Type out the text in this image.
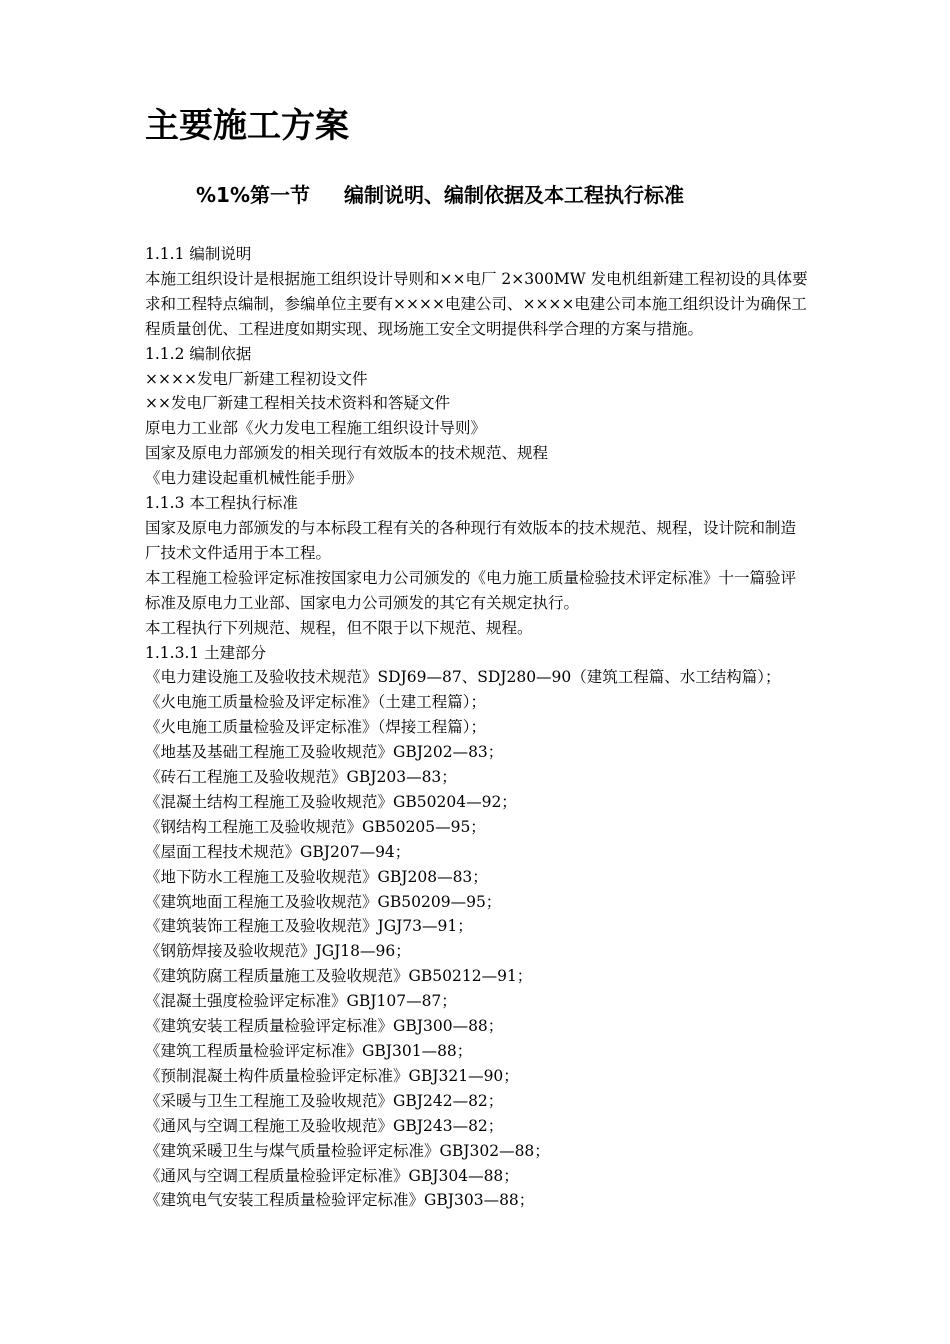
主要施工方案
%1%第一节 编制说明、编制依据及本工程执行标准
1.1.1 编制说明
本施工组织设计是根据施工组织设计导则和××电厂 2×300MW 发电机组新建工程初设的具体要求和工程特点编制，参编单位主要有××××电建公司、××××电建公司本施工组织设计为确保工程质量创优、工程进度如期实现、现场施工安全文明提供科学合理的方案与措施。
1.1.2 编制依据
××××发电厂新建工程初设文件
××发电厂新建工程相关技术资料和答疑文件
原电力工业部《火力发电工程施工组织设计导则》
国家及原电力部颁发的相关现行有效版本的技术规范、规程
《电力建设起重机械性能手册》
1.1.3 本工程执行标准
国家及原电力部颁发的与本标段工程有关的各种现行有效版本的技术规范、规程，设计院和制造厂技术文件适用于本工程。
本工程施工检验评定标准按国家电力公司颁发的《电力施工质量检验技术评定标准》十一篇验评标准及原电力工业部、国家电力公司颁发的其它有关规定执行。
本工程执行下列规范、规程，但不限于以下规范、规程。
1.1.3.1 土建部分
《电力建设施工及验收技术规范》SDJ69—87、SDJ280—90（建筑工程篇、水工结构篇）；
《火电施工质量检验及评定标准》（土建工程篇）；
《火电施工质量检验及评定标准》（焊接工程篇）；
《地基及基础工程施工及验收规范》GBJ202—83；
《砖石工程施工及验收规范》GBJ203—83；
《混凝土结构工程施工及验收规范》GB50204—92；
《钢结构工程施工及验收规范》GB50205—95；
《屋面工程技术规范》GBJ207—94；
《地下防水工程施工及验收规范》GBJ208—83；
《建筑地面工程施工及验收规范》GB50209—95；
《建筑装饰工程施工及验收规范》JGJ73—91；
《钢筋焊接及验收规范》JGJ18—96；
《建筑防腐工程质量施工及验收规范》GB50212—91；
《混凝土强度检验评定标准》GBJ107—87；
《建筑安装工程质量检验评定标准》GBJ300—88；
《建筑工程质量检验评定标准》GBJ301—88；
《预制混凝土构件质量检验评定标准》GBJ321—90；
《采暖与卫生工程施工及验收规范》GBJ242—82；
《通风与空调工程施工及验收规范》GBJ243—82；
《建筑采暖卫生与煤气质量检验评定标准》GBJ302—88；
《通风与空调工程质量检验评定标准》GBJ304—88；
《建筑电气安装工程质量检验评定标准》GBJ303—88；
